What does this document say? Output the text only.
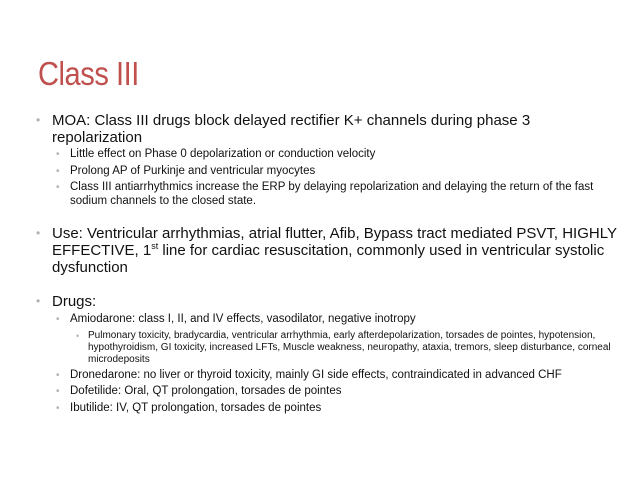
Class III
• MOA: Class III drugs block delayed rectifier K+ channels during phase 3 repolarization
• Little effect on Phase 0 depolarization or conduction velocity
• Prolong AP of Purkinje and ventricular myocytes
• Class III antiarrhythmics increase the ERP by delaying repolarization and delaying the return of the fast sodium channels to the closed state.
• Use: Ventricular arrhythmias, atrial flutter, Afib, Bypass tract mediated PSVT, HIGHLY EFFECTIVE, 1st line for cardiac resuscitation, commonly used in ventricular systolic dysfunction
• Drugs:
• Amiodarone: class I, II, and IV effects, vasodilator, negative inotropy
• Pulmonary toxicity, bradycardia, ventricular arrhythmia, early afterdepolarization, torsades de pointes, hypotension, hypothyroidism, GI toxicity, increased LFTs, Muscle weakness, neuropathy, ataxia, tremors, sleep disturbance, corneal microdeposits
• Dronedarone: no liver or thyroid toxicity, mainly GI side effects, contraindicated in advanced CHF
• Dofetilide: Oral, QT prolongation, torsades de pointes
• Ibutilide: IV, QT prolongation, torsades de pointes
